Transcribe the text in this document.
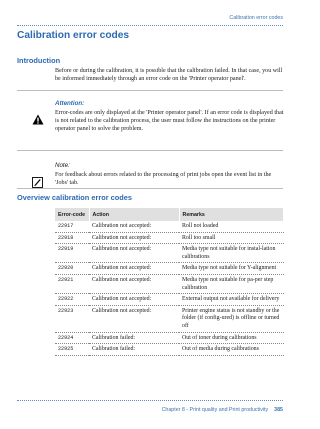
Calibration error codes
Calibration error codes
Introduction

Before or during the calibration, it is possible that the calibration failed. In that case, you will be informed immediately through an error code on the 'Printer operator panel'.

Attention:

Error-codes are only displayed at the 'Printer operator panel'. If an error code is displayed that is not related to the calibration process, the user must follow the instructions on the printer operator panel to solve the problem.

Note:

For feedback about errors related to the processing of print jobs open the event list in the 'Jobs' tab.

Overview calibration error codes
Error-code	Action	Remarks
22917	Calibration not accepted:	Roll not loaded
22918	Calibration not accepted:	Roll too small
22919	Calibration not accepted:	Media type not suitable for instal-lation calibrations
22920	Calibration not accepted:	Media type not suitable for Y-alignment
22921	Calibration not accepted:	Media type not suitable for pa-per step calibration
22922	Calibration not accepted:	External output not available for delivery
22923	Calibration not accepted:	Printer engine status is not standby or the folder (if config-ured) is offline or turned off
22924	Calibration failed:	Out of toner during calibrations
22925	Calibration failed:	Out of media during calibrations
Chapter 8 - Print quality and Print productivity 385
